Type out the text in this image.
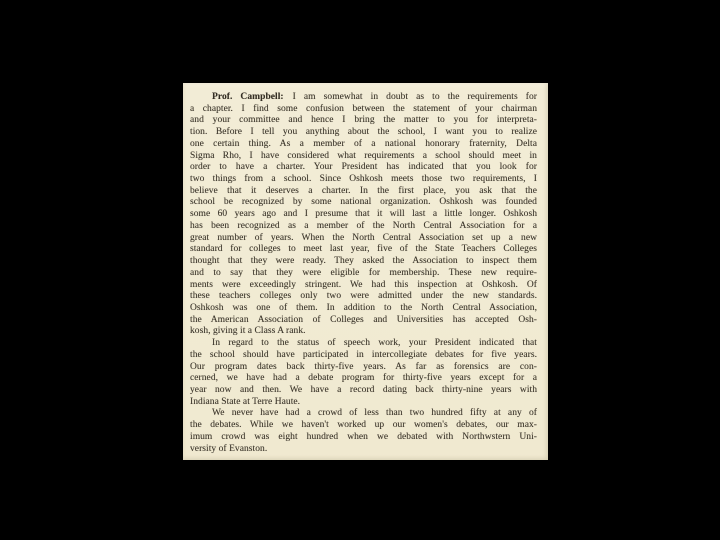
Prof. Campbell: I am somewhat in doubt as to the requirements for
a chapter. I find some confusion between the statement of your chairman
and your committee and hence I bring the matter to you for interpreta-
tion. Before I tell you anything about the school, I want you to realize
one certain thing. As a member of a national honorary fraternity, Delta
Sigma Rho, I have considered what requirements a school should meet in
order to have a charter. Your President has indicated that you look for
two things from a school. Since Oshkosh meets those two requirements, I
believe that it deserves a charter. In the first place, you ask that the
school be recognized by some national organization. Oshkosh was founded
some 60 years ago and I presume that it will last a little longer. Oshkosh
has been recognized as a member of the North Central Association for a
great number of years. When the North Central Association set up a new
standard for colleges to meet last year, five of the State Teachers Colleges
thought that they were ready. They asked the Association to inspect them
and to say that they were eligible for membership. These new require-
ments were exceedingly stringent. We had this inspection at Oshkosh. Of
these teachers colleges only two were admitted under the new standards.
Oshkosh was one of them. In addition to the North Central Association,
the American Association of Colleges and Universities has accepted Osh-
kosh, giving it a Class A rank.
In regard to the status of speech work, your President indicated that
the school should have participated in intercollegiate debates for five years.
Our program dates back thirty-five years. As far as forensics are con-
cerned, we have had a debate program for thirty-five years except for a
year now and then. We have a record dating back thirty-nine years with
Indiana State at Terre Haute.
We never have had a crowd of less than two hundred fifty at any of
the debates. While we haven't worked up our women's debates, our max-
imum crowd was eight hundred when we debated with Northwstern Uni-
versity of Evanston.
